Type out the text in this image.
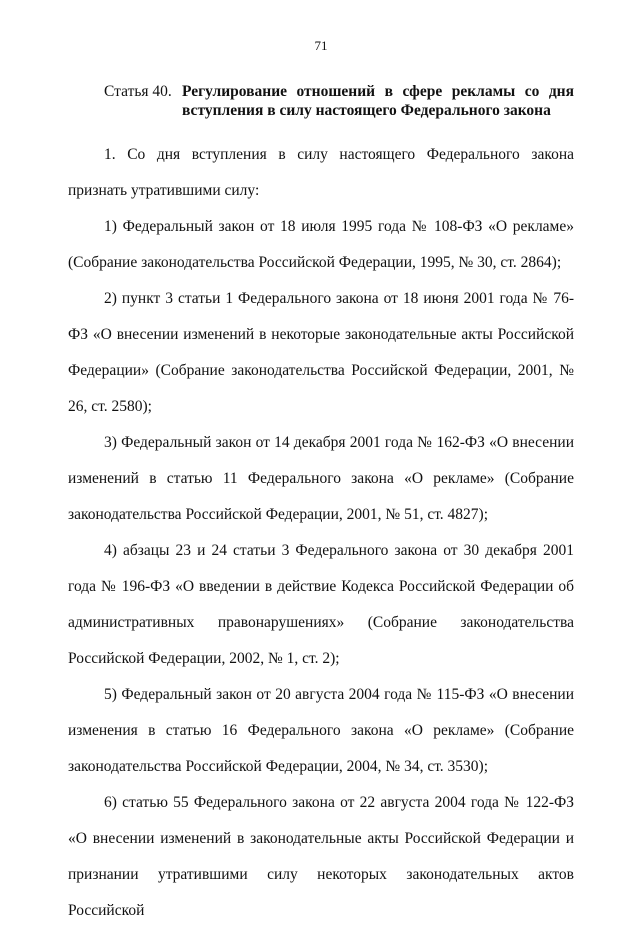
71
Статья 40. Регулирование отношений в сфере рекламы со дня
вступления в силу настоящего Федерального закона

1. Со дня вступления в силу настоящего Федерального закона признать утратившими силу:

1) Федеральный закон от 18 июля 1995 года № 108-ФЗ «О рекламе» (Собрание законодательства Российской Федерации, 1995, № 30, ст. 2864);

2) пункт 3 статьи 1 Федерального закона от 18 июня 2001 года № 76-ФЗ «О внесении изменений в некоторые законодательные акты Российской Федерации» (Собрание законодательства Российской Федерации, 2001, № 26, ст. 2580);

3) Федеральный закон от 14 декабря 2001 года № 162-ФЗ «О внесении изменений в статью 11 Федерального закона «О рекламе» (Собрание законодательства Российской Федерации, 2001, № 51, ст. 4827);

4) абзацы 23 и 24 статьи 3 Федерального закона от 30 декабря 2001 года № 196-ФЗ «О введении в действие Кодекса Российской Федерации об административных правонарушениях» (Собрание законодательства Российской Федерации, 2002, № 1, ст. 2);

5) Федеральный закон от 20 августа 2004 года № 115-ФЗ «О внесении изменения в статью 16 Федерального закона «О рекламе» (Собрание законодательства Российской Федерации, 2004, № 34, ст. 3530);

6) статью 55 Федерального закона от 22 августа 2004 года № 122-ФЗ «О внесении изменений в законодательные акты Российской Федерации и признании утратившими силу некоторых законодательных актов Российской
